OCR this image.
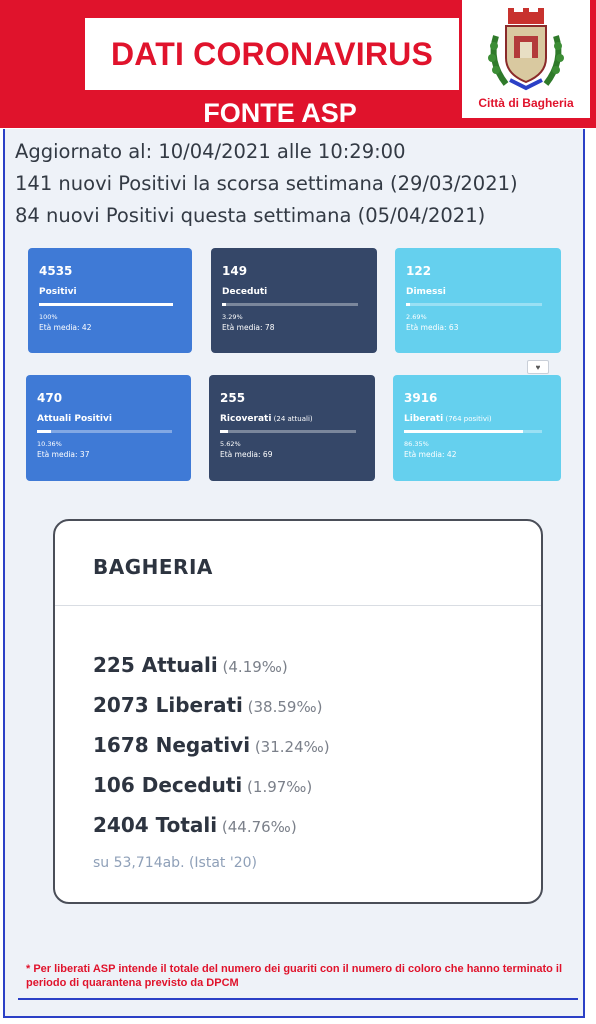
DATI CORONAVIRUS
FONTE ASP	Città di Bagheria
Aggiornato al: 10/04/2021 alle 10:29:00
141 nuovi Positivi la scorsa settimana (29/03/2021)
84 nuovi Positivi questa settimana (05/04/2021)
4535
Positivi
100%
Età media: 42
149
Deceduti
3.29%
Età media: 78
122
Dimessi
2.69%
Età media: 63
470
Attuali Positivi
10.36%
Età media: 37
255
Ricoverati (24 attuali)
5.62%
Età media: 69
3916
Liberati (764 positivi)
86.35%
Età media: 42
♥
BAGHERIA
225 Attuali (4.19‰)
2073 Liberati (38.59‰)
1678 Negativi (31.24‰)
106 Deceduti (1.97‰)
2404 Totali (44.76‰)
su 53,714ab. (Istat '20)
* Per liberati ASP intende il totale del numero dei guariti con il numero di coloro che hanno terminato il periodo di quarantena previsto da DPCM
